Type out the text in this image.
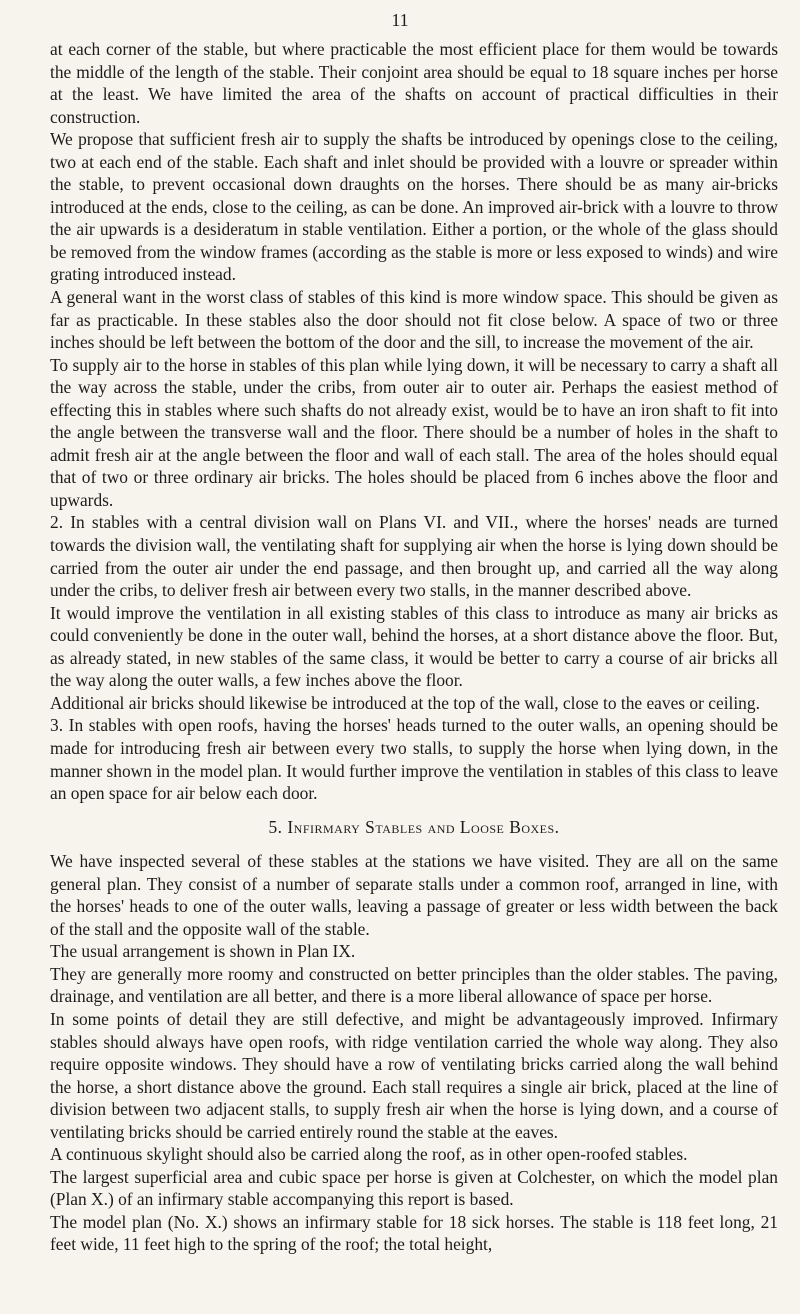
11

at each corner of the stable, but where practicable the most efficient place for them would be towards the middle of the length of the stable. Their conjoint area should be equal to 18 square inches per horse at the least. We have limited the area of the shafts on account of practical difficulties in their construction.

We propose that sufficient fresh air to supply the shafts be introduced by openings close to the ceiling, two at each end of the stable. Each shaft and inlet should be provided with a louvre or spreader within the stable, to prevent occasional down draughts on the horses. There should be as many air-bricks introduced at the ends, close to the ceiling, as can be done. An improved air-brick with a louvre to throw the air upwards is a desideratum in stable ventilation. Either a portion, or the whole of the glass should be removed from the window frames (according as the stable is more or less exposed to winds) and wire grating introduced instead.

A general want in the worst class of stables of this kind is more window space. This should be given as far as practicable. In these stables also the door should not fit close below. A space of two or three inches should be left between the bottom of the door and the sill, to increase the movement of the air.

To supply air to the horse in stables of this plan while lying down, it will be necessary to carry a shaft all the way across the stable, under the cribs, from outer air to outer air. Perhaps the easiest method of effecting this in stables where such shafts do not already exist, would be to have an iron shaft to fit into the angle between the transverse wall and the floor. There should be a number of holes in the shaft to admit fresh air at the angle between the floor and wall of each stall. The area of the holes should equal that of two or three ordinary air bricks. The holes should be placed from 6 inches above the floor and upwards.

2. In stables with a central division wall on Plans VI. and VII., where the horses' neads are turned towards the division wall, the ventilating shaft for supplying air when the horse is lying down should be carried from the outer air under the end passage, and then brought up, and carried all the way along under the cribs, to deliver fresh air between every two stalls, in the manner described above.

It would improve the ventilation in all existing stables of this class to introduce as many air bricks as could conveniently be done in the outer wall, behind the horses, at a short distance above the floor. But, as already stated, in new stables of the same class, it would be better to carry a course of air bricks all the way along the outer walls, a few inches above the floor.

Additional air bricks should likewise be introduced at the top of the wall, close to the eaves or ceiling.

3. In stables with open roofs, having the horses' heads turned to the outer walls, an opening should be made for introducing fresh air between every two stalls, to supply the horse when lying down, in the manner shown in the model plan. It would further improve the ventilation in stables of this class to leave an open space for air below each door.

5. Infirmary Stables and Loose Boxes.

We have inspected several of these stables at the stations we have visited. They are all on the same general plan. They consist of a number of separate stalls under a common roof, arranged in line, with the horses' heads to one of the outer walls, leaving a passage of greater or less width between the back of the stall and the opposite wall of the stable.

The usual arrangement is shown in Plan IX.

They are generally more roomy and constructed on better principles than the older stables. The paving, drainage, and ventilation are all better, and there is a more liberal allowance of space per horse.

In some points of detail they are still defective, and might be advantageously improved. Infirmary stables should always have open roofs, with ridge ventilation carried the whole way along. They also require opposite windows. They should have a row of ventilating bricks carried along the wall behind the horse, a short distance above the ground. Each stall requires a single air brick, placed at the line of division between two adjacent stalls, to supply fresh air when the horse is lying down, and a course of ventilating bricks should be carried entirely round the stable at the eaves.

A continuous skylight should also be carried along the roof, as in other open-roofed stables.

The largest superficial area and cubic space per horse is given at Colchester, on which the model plan (Plan X.) of an infirmary stable accompanying this report is based.

The model plan (No. X.) shows an infirmary stable for 18 sick horses. The stable is 118 feet long, 21 feet wide, 11 feet high to the spring of the roof; the total height,
